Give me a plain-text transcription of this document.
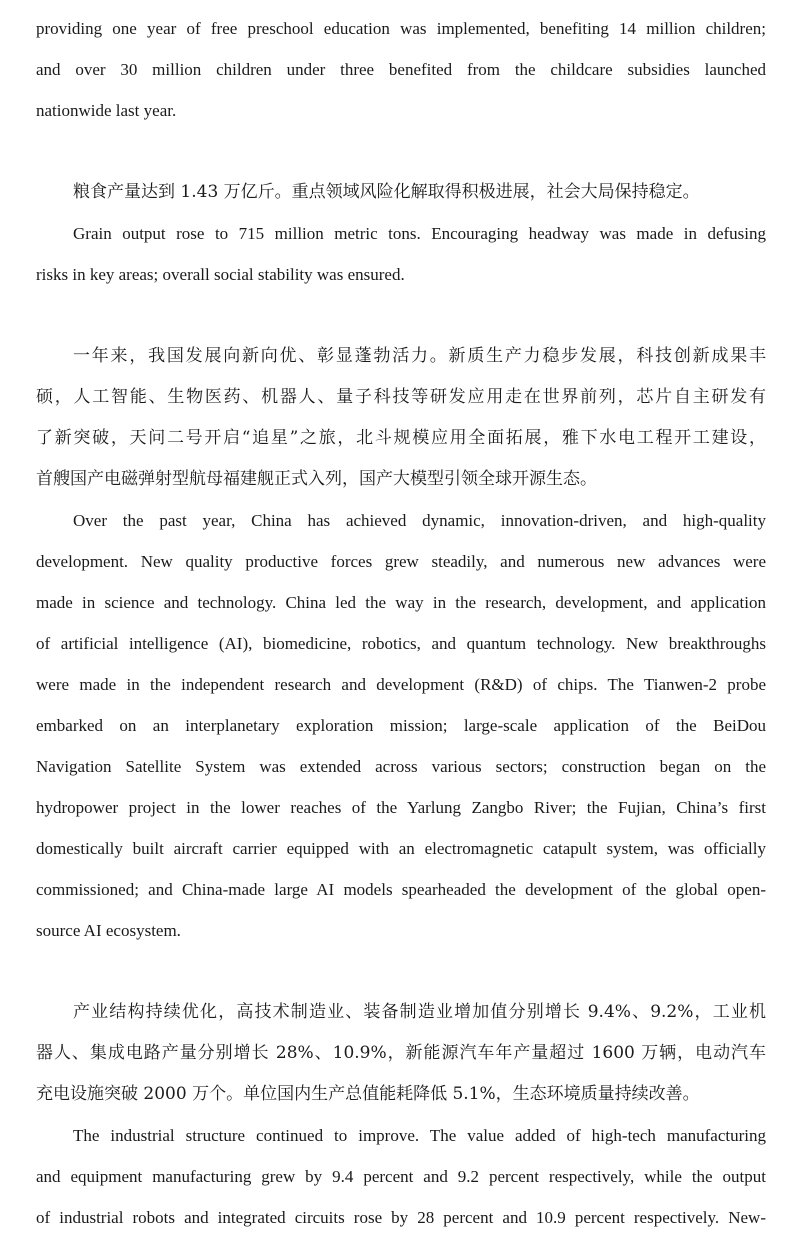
providing one year of free preschool education was implemented, benefiting 14 million children;
and over 30 million children under three benefited from the childcare subsidies launched
nationwide last year.
粮食产量达到 1.43 万亿斤。重点领域风险化解取得积极进展，社会大局保持稳定。
Grain output rose to 715 million metric tons. Encouraging headway was made in defusing
risks in key areas; overall social stability was ensured.
一年来，我国发展向新向优、彰显蓬勃活力。新质生产力稳步发展，科技创新成果丰
硕，人工智能、生物医药、机器人、量子科技等研发应用走在世界前列，芯片自主研发有
了新突破，天问二号开启“追星”之旅，北斗规模应用全面拓展，雅下水电工程开工建设，
首艘国产电磁弹射型航母福建舰正式入列，国产大模型引领全球开源生态。
Over the past year, China has achieved dynamic, innovation-driven, and high-quality
development. New quality productive forces grew steadily, and numerous new advances were
made in science and technology. China led the way in the research, development, and application
of artificial intelligence (AI), biomedicine, robotics, and quantum technology. New breakthroughs
were made in the independent research and development (R&D) of chips. The Tianwen-2 probe
embarked on an interplanetary exploration mission; large-scale application of the BeiDou
Navigation Satellite System was extended across various sectors; construction began on the
hydropower project in the lower reaches of the Yarlung Zangbo River; the Fujian, China’s first
domestically built aircraft carrier equipped with an electromagnetic catapult system, was officially
commissioned; and China-made large AI models spearheaded the development of the global open-
source AI ecosystem.
产业结构持续优化，高技术制造业、装备制造业增加值分别增长 9.4%、9.2%，工业机
器人、集成电路产量分别增长 28%、10.9%，新能源汽车年产量超过 1600 万辆，电动汽车
充电设施突破 2000 万个。单位国内生产总值能耗降低 5.1%，生态环境质量持续改善。
The industrial structure continued to improve. The value added of high-tech manufacturing
and equipment manufacturing grew by 9.4 percent and 9.2 percent respectively, while the output
of industrial robots and integrated circuits rose by 28 percent and 10.9 percent respectively. New-
